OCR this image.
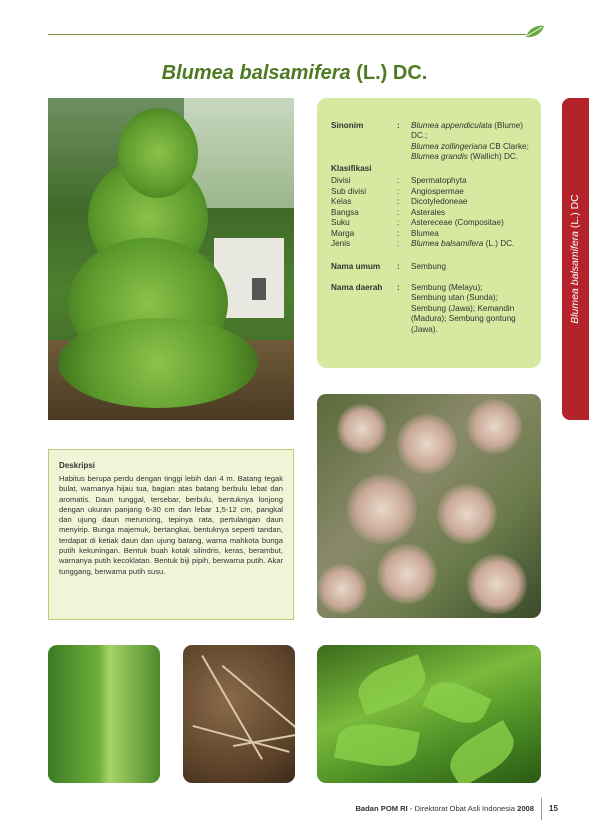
Blumea balsamifera (L.) DC.
Sinonim	: Blumea appendiculata (Blume) DC.;
Blumea zollingeriana CB Clarke;
Blumea grandis (Wallich) DC.
Klasifikasi
Divisi	: Spermatophyta
Sub divisi	: Angiospermae
Kelas	: Dicotyledoneae
Bangsa	: Asterales
Suku	: Astereceae (Compositae)
Marga	: Blumea
Jenis	: Blumea balsamifera (L.) DC.
Nama umum : Sembung
Nama daerah : Sembung (Melayu);
Sembung utan (Sunda);
Sembung (Jawa); Kemandin
(Madura); Sembung gontung
(Jawa).
Blumea balsamifera (L.) DC
Deskripsi

Habitus berupa perdu dengan tinggi lebih dari 4 m. Batang tegak bulat, warnanya hijau tua, bagian atas batang berbulu lebat dan aromatis. Daun tunggal, tersebar, berbulu, bentuknya lonjong dengan ukuran panjang 6-30 cm dan lebar 1,5-12 cm, pangkal dan ujung daun meruncing, tepinya rata, pertulangan daun menyirip. Bunga majemuk, bertangkai, bentuknya seperti tandan, terdapat di ketiak daun dan ujung batang, warna mahkota bunga putih kekuningan. Bentuk buah kotak silindris, keras, berambut, warnanya putih kecoklatan. Bentuk biji pipih, berwarna putih. Akar tunggang, berwarna putih susu.

Badan POM RI - Direktorat Obat Asli Indonesia 2008 15
